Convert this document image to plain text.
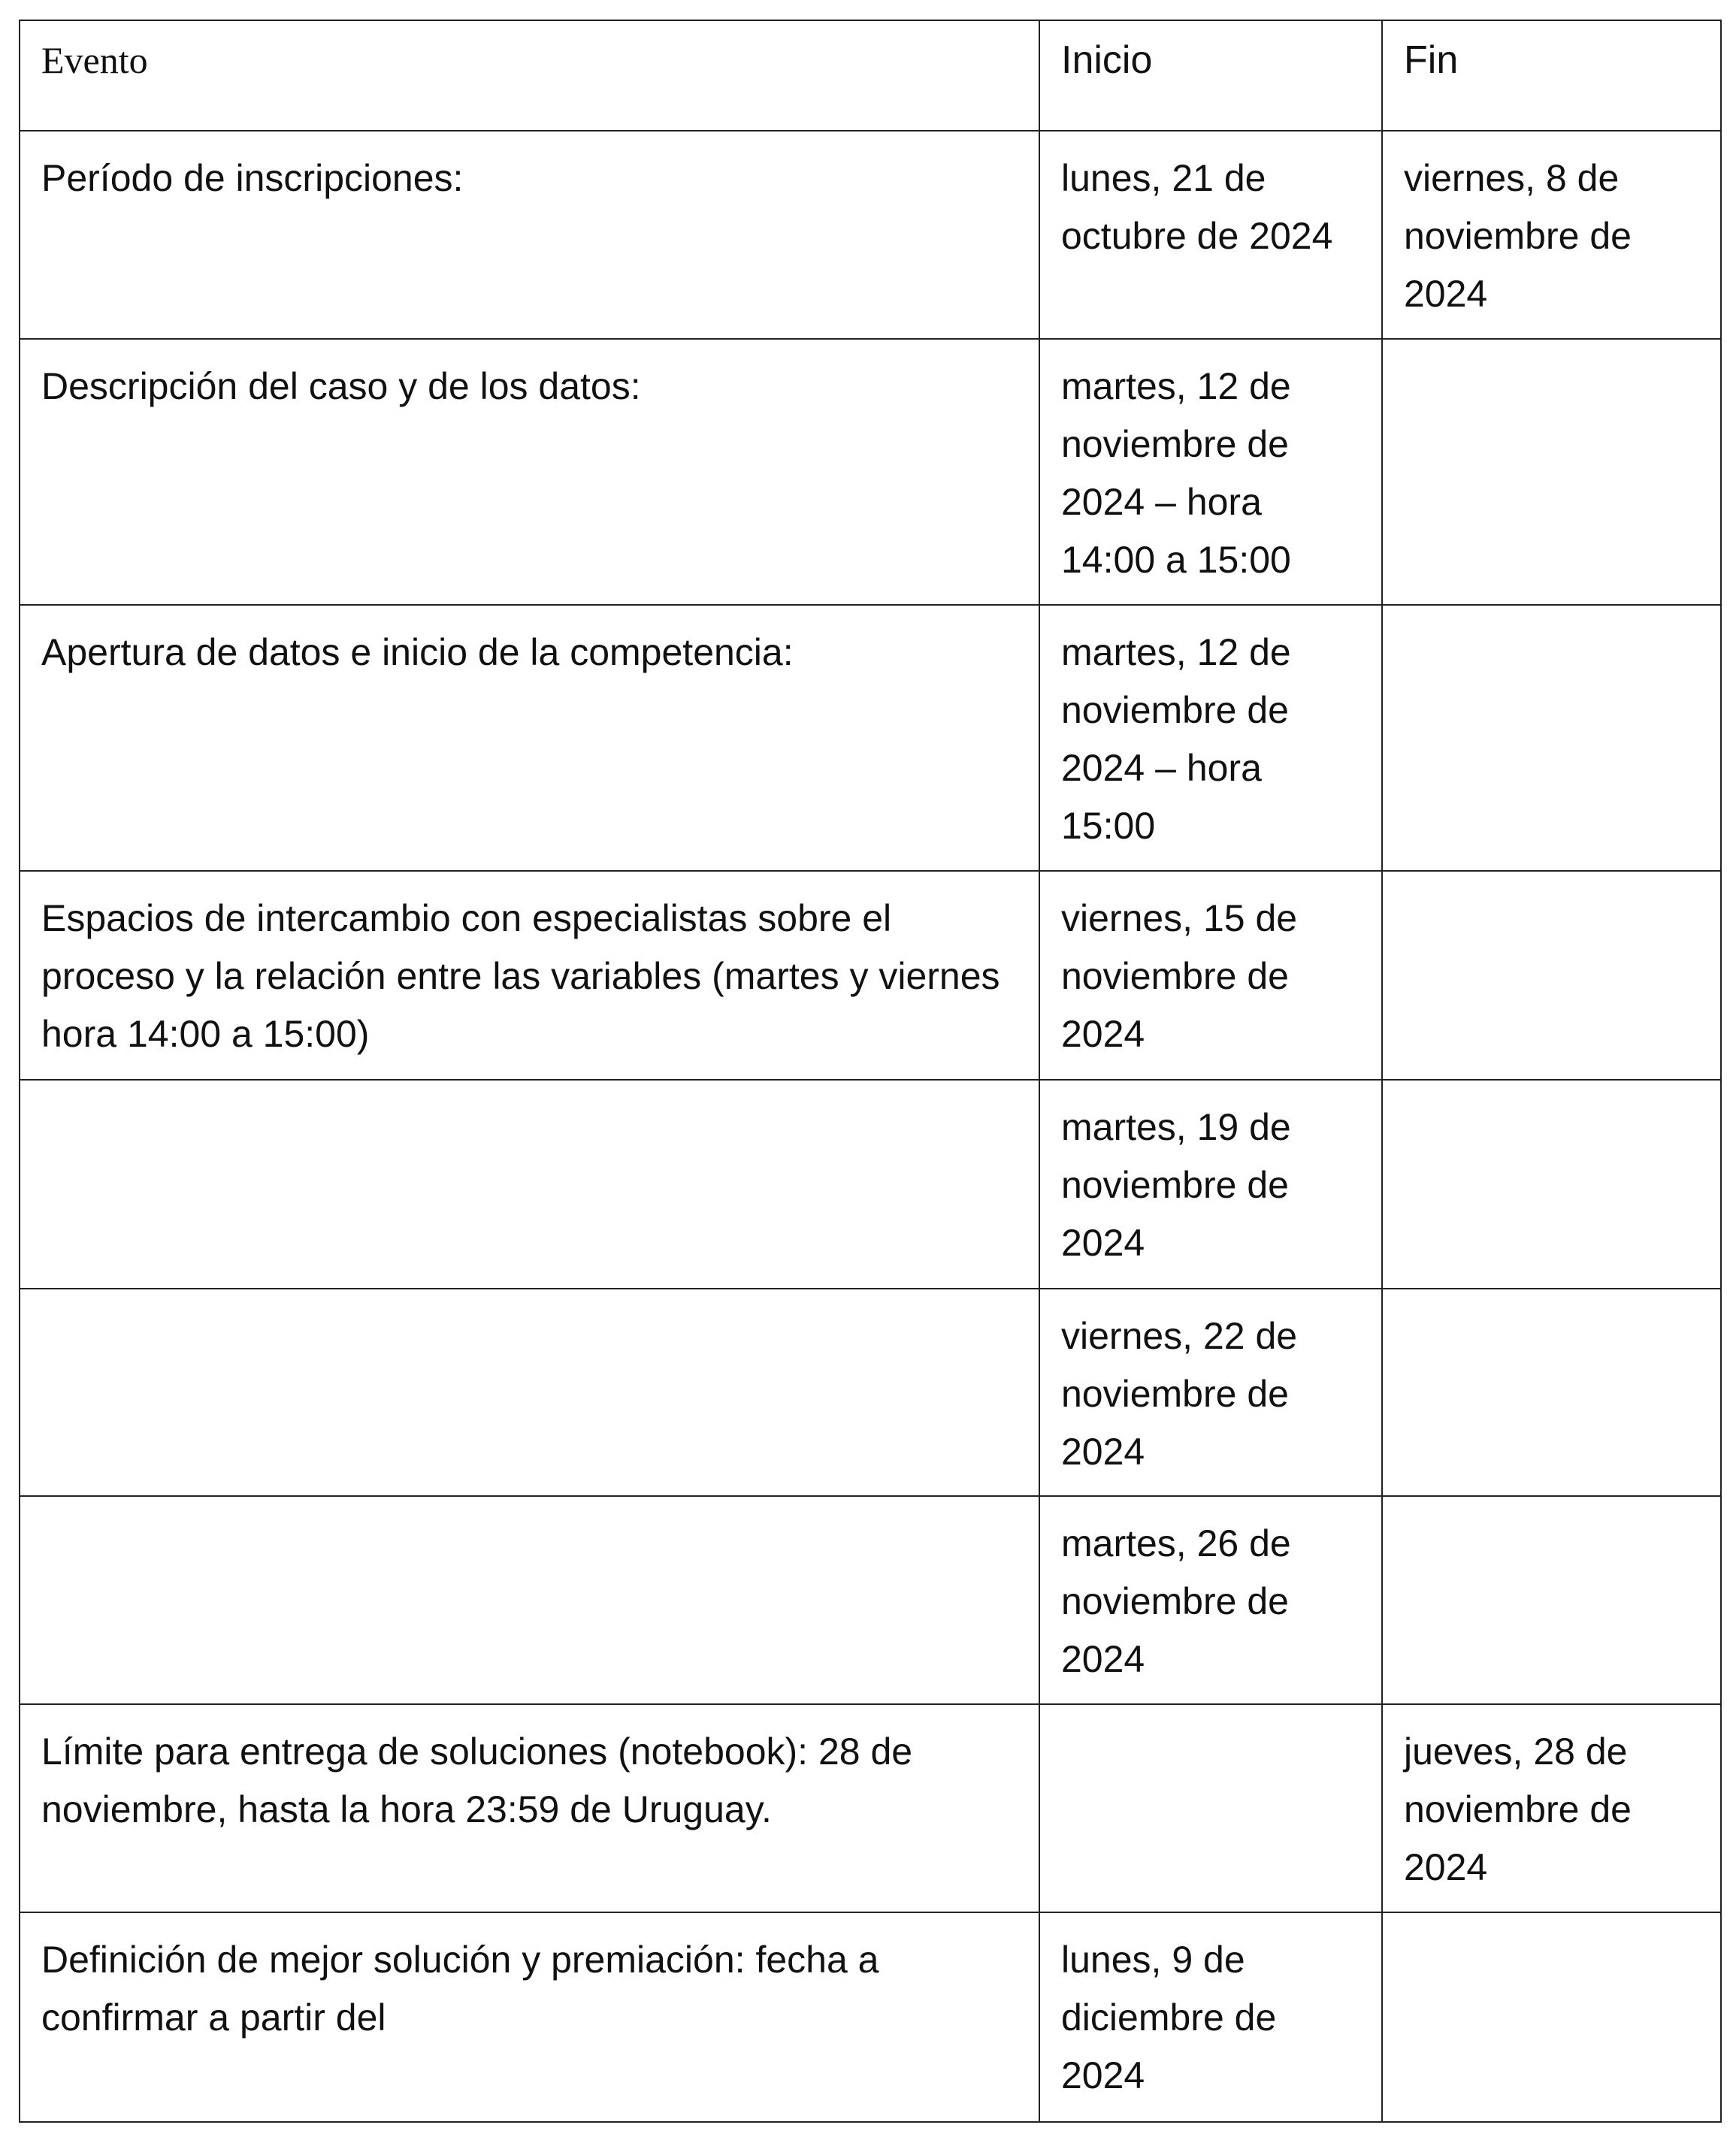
Evento	Inicio	Fin
Período de inscripciones:	lunes, 21 de octubre de 2024	viernes, 8 de noviembre de 2024
Descripción del caso y de los datos:	martes, 12 de noviembre de 2024 – hora 14:00 a 15:00	
Apertura de datos e inicio de la competencia:	martes, 12 de noviembre de 2024 – hora 15:00	
Espacios de intercambio con especialistas sobre el proceso y la relación entre las variables (martes y viernes hora 14:00 a 15:00)	viernes, 15 de noviembre de 2024	
	martes, 19 de noviembre de 2024	
	viernes, 22 de noviembre de 2024	
	martes, 26 de noviembre de 2024	
Límite para entrega de soluciones (notebook): 28 de noviembre, hasta la hora 23:59 de Uruguay.		jueves, 28 de noviembre de 2024
Definición de mejor solución y premiación: fecha a confirmar a partir del	lunes, 9 de diciembre de 2024	
